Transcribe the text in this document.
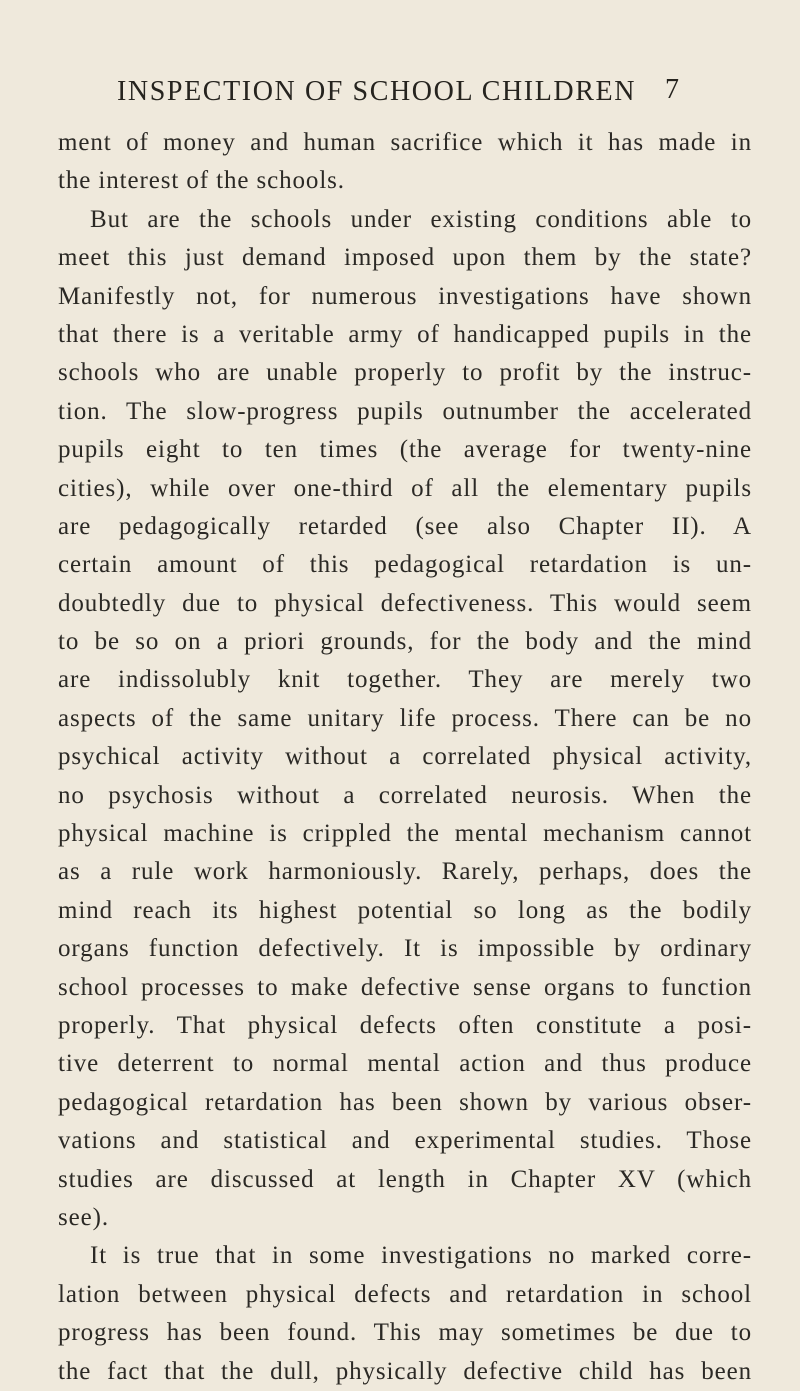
INSPECTION OF SCHOOL CHILDREN	7
ment of money and human sacrifice which it has made in
the interest of the schools.
But are the schools under existing conditions able to
meet this just demand imposed upon them by the state?
Manifestly not, for numerous investigations have shown
that there is a veritable army of handicapped pupils in the
schools who are unable properly to profit by the instruc-
tion. The slow-progress pupils outnumber the accelerated
pupils eight to ten times (the average for twenty-nine
cities), while over one-third of all the elementary pupils
are pedagogically retarded (see also Chapter II). A
certain amount of this pedagogical retardation is un-
doubtedly due to physical defectiveness. This would seem
to be so on a priori grounds, for the body and the mind
are indissolubly knit together. They are merely two
aspects of the same unitary life process. There can be no
psychical activity without a correlated physical activity,
no psychosis without a correlated neurosis. When the
physical machine is crippled the mental mechanism cannot
as a rule work harmoniously. Rarely, perhaps, does the
mind reach its highest potential so long as the bodily
organs function defectively. It is impossible by ordinary
school processes to make defective sense organs to function
properly. That physical defects often constitute a posi-
tive deterrent to normal mental action and thus produce
pedagogical retardation has been shown by various obser-
vations and statistical and experimental studies. Those
studies are discussed at length in Chapter XV (which
see).
It is true that in some investigations no marked corre-
lation between physical defects and retardation in school
progress has been found. This may sometimes be due to
the fact that the dull, physically defective child has been
